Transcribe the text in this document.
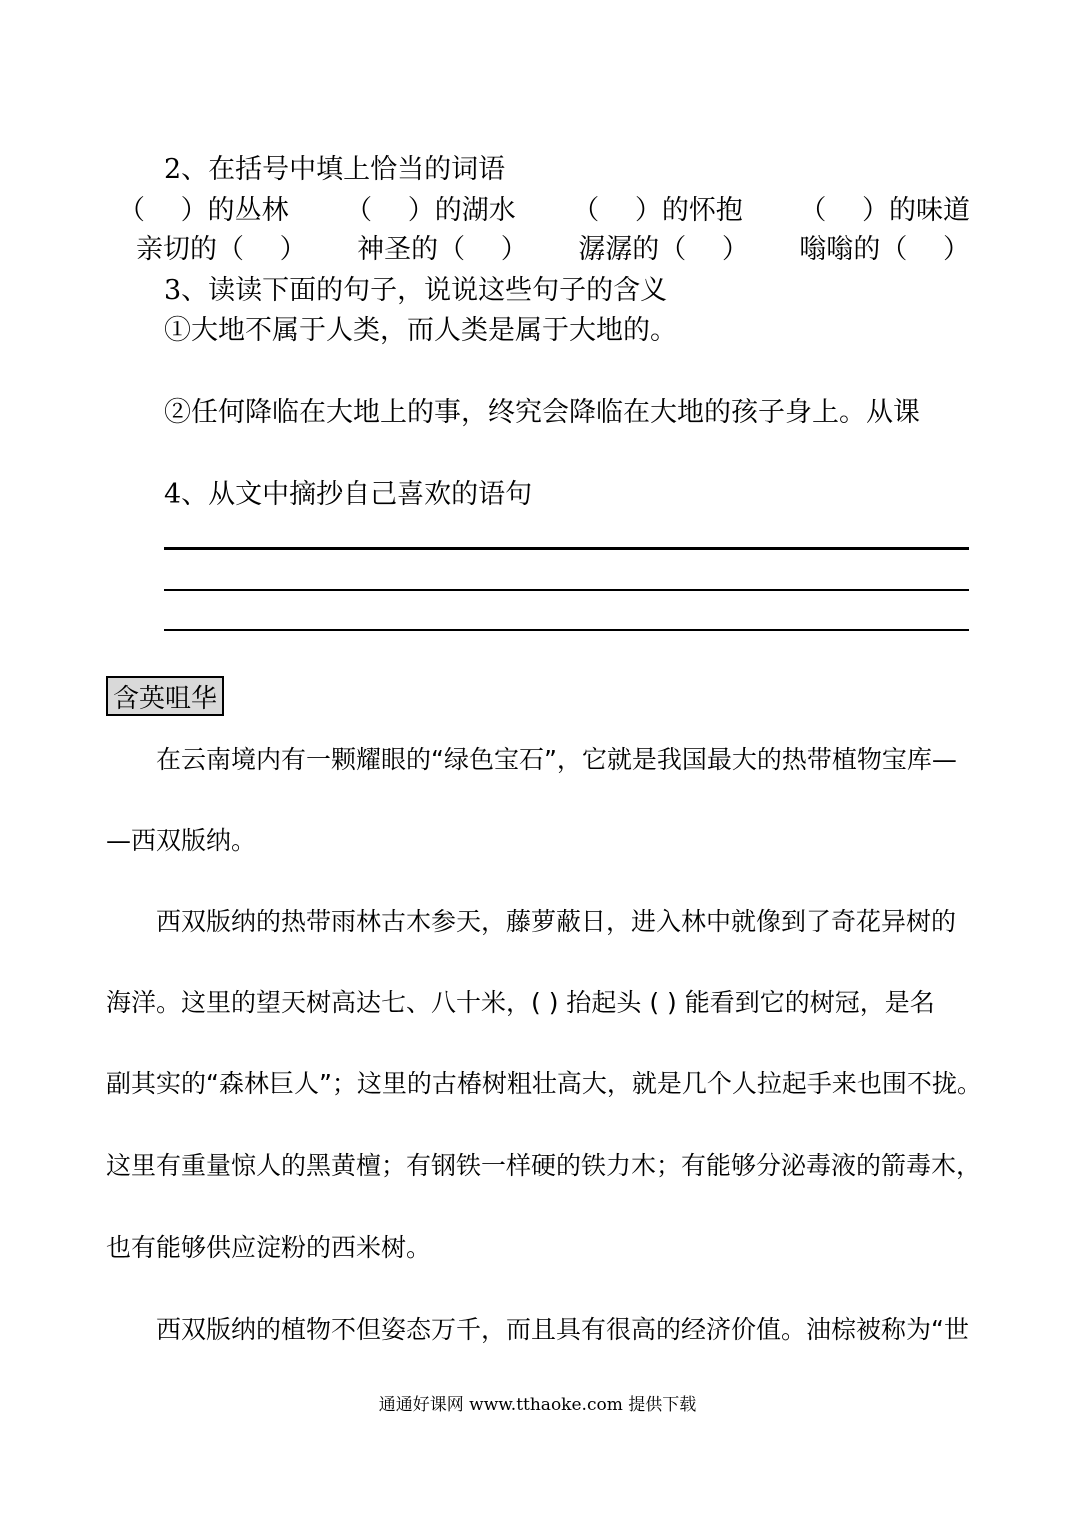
2、在括号中填上恰当的词语
（　 ）的丛林 （　 ）的湖水 （　 ）的怀抱 （　 ）的味道
亲切的（　 ） 神圣的（　 ） 潺潺的（　 ） 嗡嗡的（　 ）
3、读读下面的句子，说说这些句子的含义
①大地不属于人类，而人类是属于大地的。
②任何降临在大地上的事，终究会降临在大地的孩子身上。从课
4、从文中摘抄自己喜欢的语句
含英咀华
在云南境内有一颗耀眼的“绿色宝石”，它就是我国最大的热带植物宝库—
—西双版纳。
西双版纳的热带雨林古木参天，藤萝蔽日，进入林中就像到了奇花异树的
海洋。这里的望天树高达七、八十米，( ) 抬起头 ( ) 能看到它的树冠，是名
副其实的“森林巨人”；这里的古椿树粗壮高大，就是几个人拉起手来也围不拢。
这里有重量惊人的黑黄檀；有钢铁一样硬的铁力木；有能够分泌毒液的箭毒木，
也有能够供应淀粉的西米树。
西双版纳的植物不但姿态万千，而且具有很高的经济价值。油棕被称为“世
通通好课网 www.tthaoke.com 提供下载
